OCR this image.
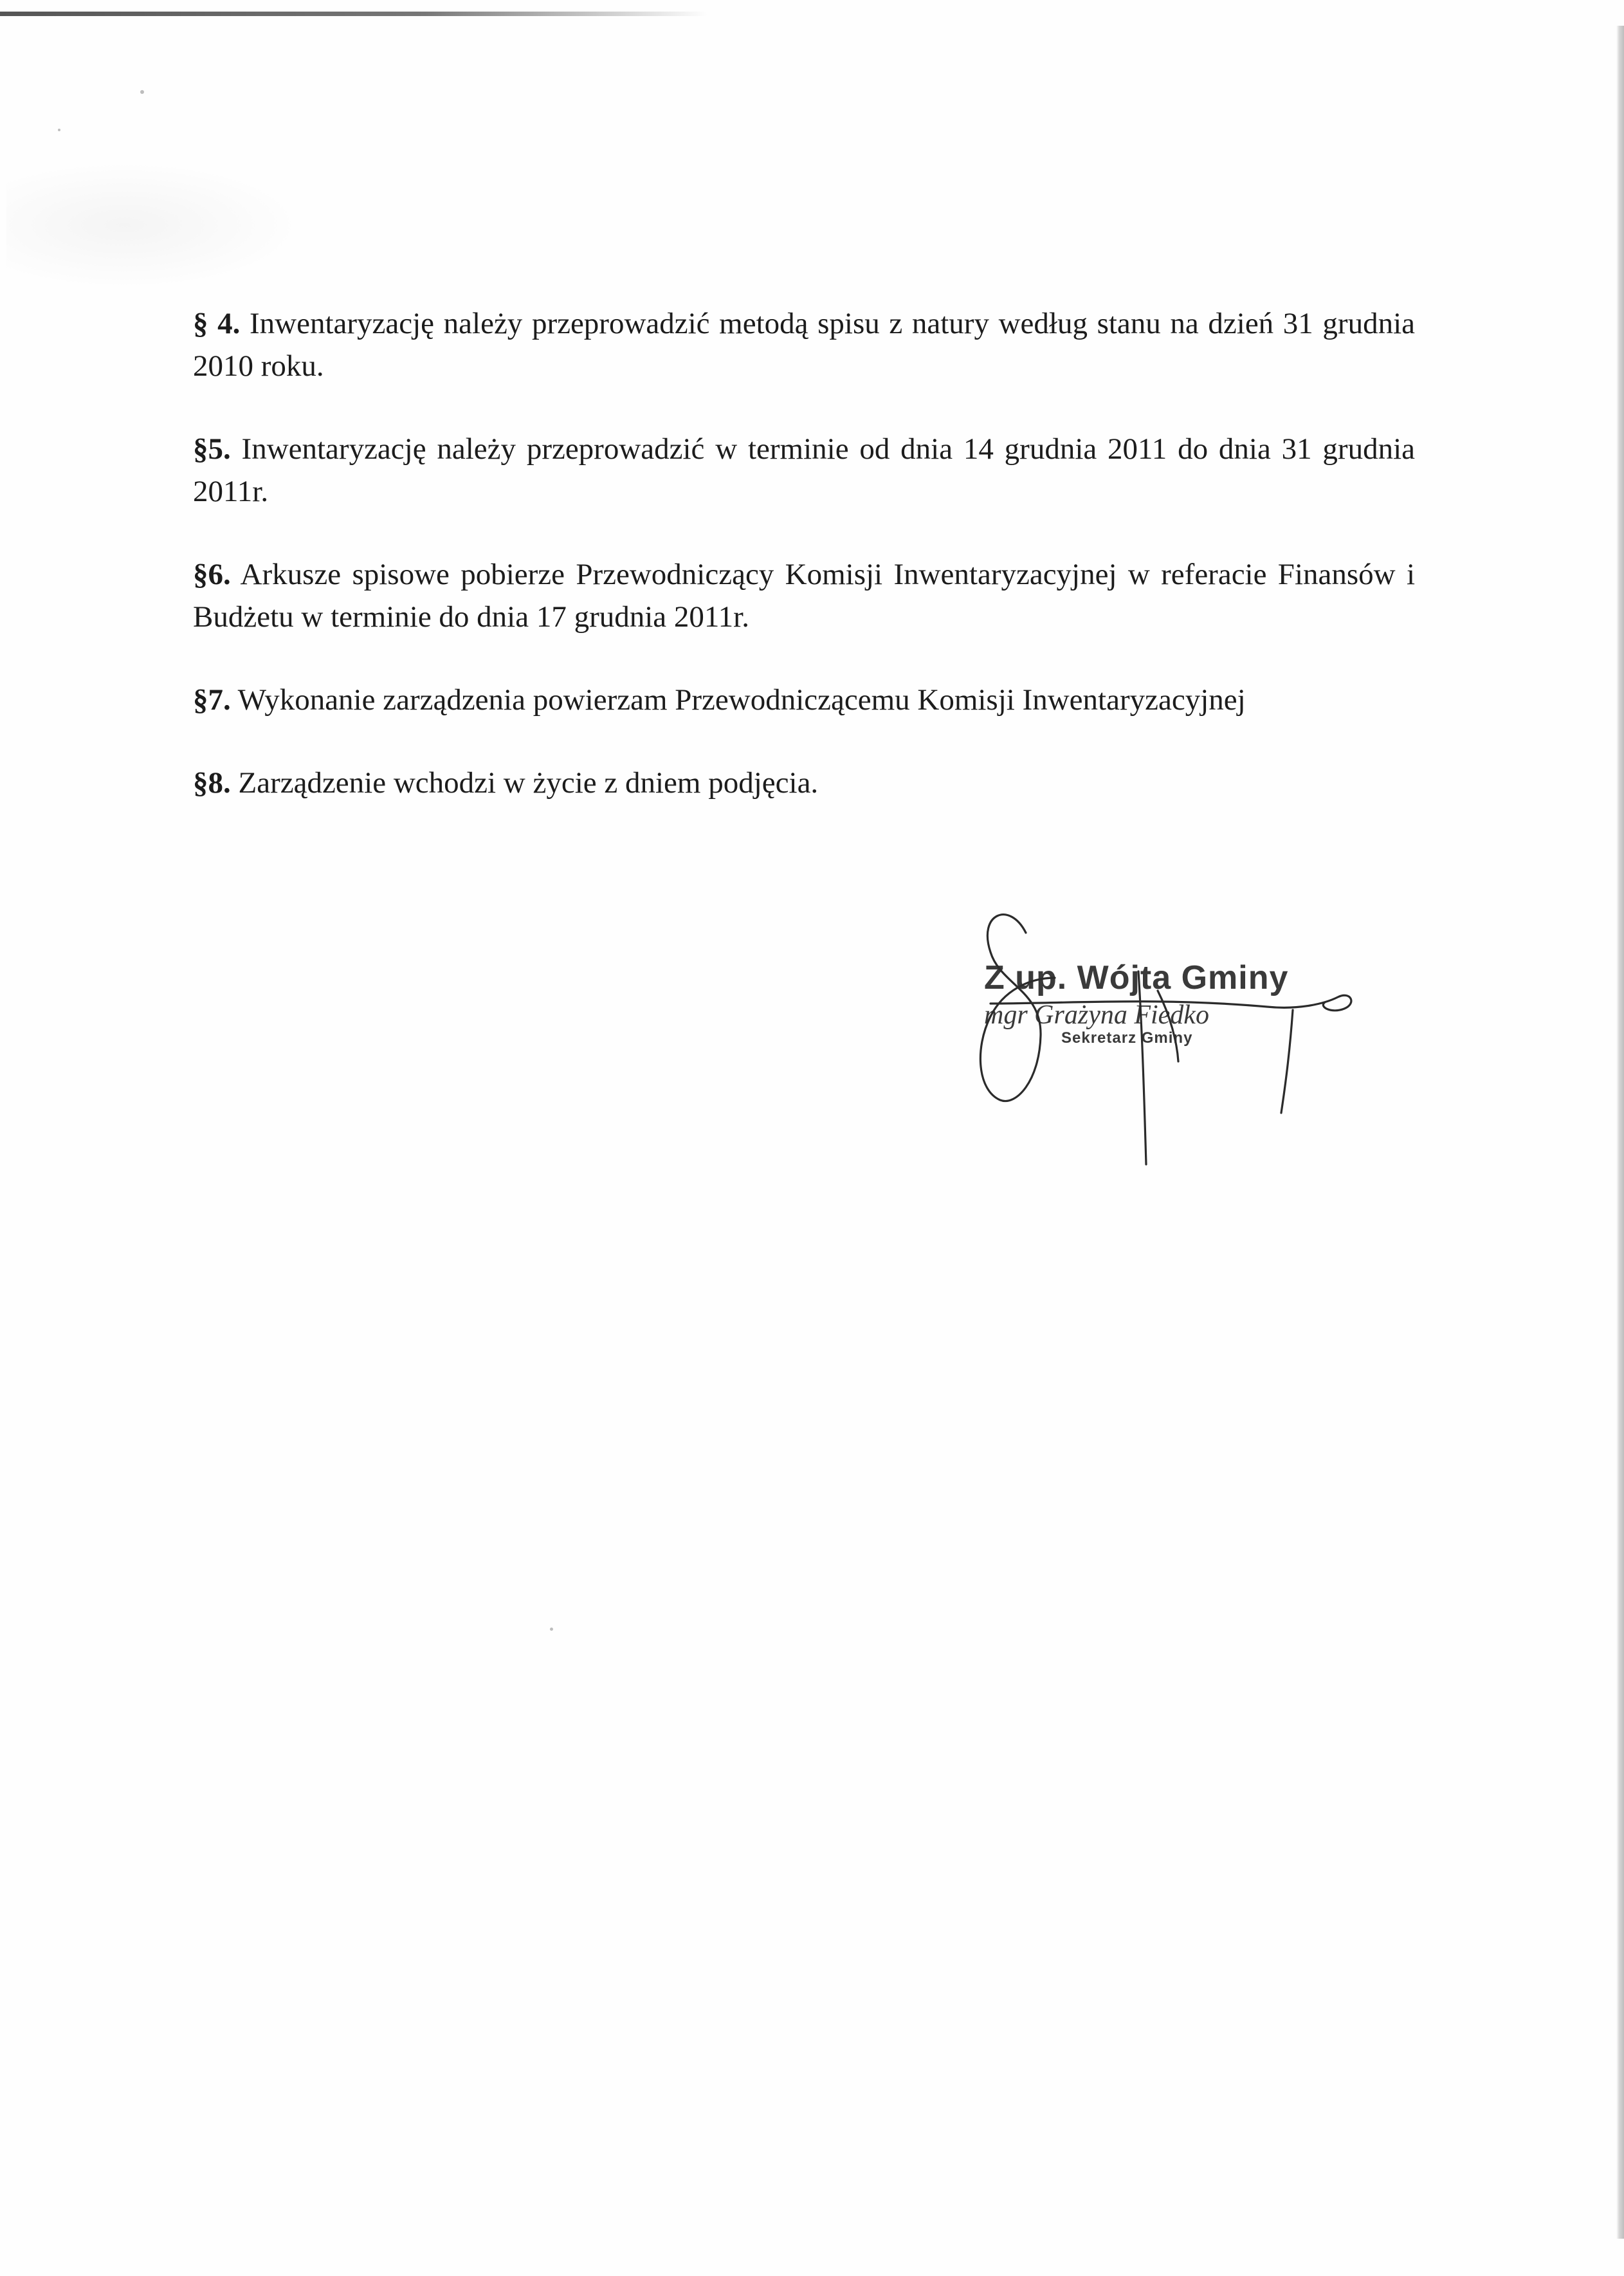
§ 4. Inwentaryzację należy przeprowadzić metodą spisu z natury według stanu na dzień 31 grudnia 2010 roku.

§5. Inwentaryzację należy przeprowadzić w terminie od dnia 14 grudnia 2011 do dnia 31 grudnia 2011r.

§6. Arkusze spisowe pobierze Przewodniczący Komisji Inwentaryzacyjnej w referacie Finansów i Budżetu w terminie do dnia 17 grudnia 2011r.

§7. Wykonanie zarządzenia powierzam Przewodniczącemu Komisji Inwentaryzacyjnej

§8. Zarządzenie wchodzi w życie z dniem podjęcia.

Z up. Wójta Gminy
mgr Grażyna Fiedko
Sekretarz Gminy
